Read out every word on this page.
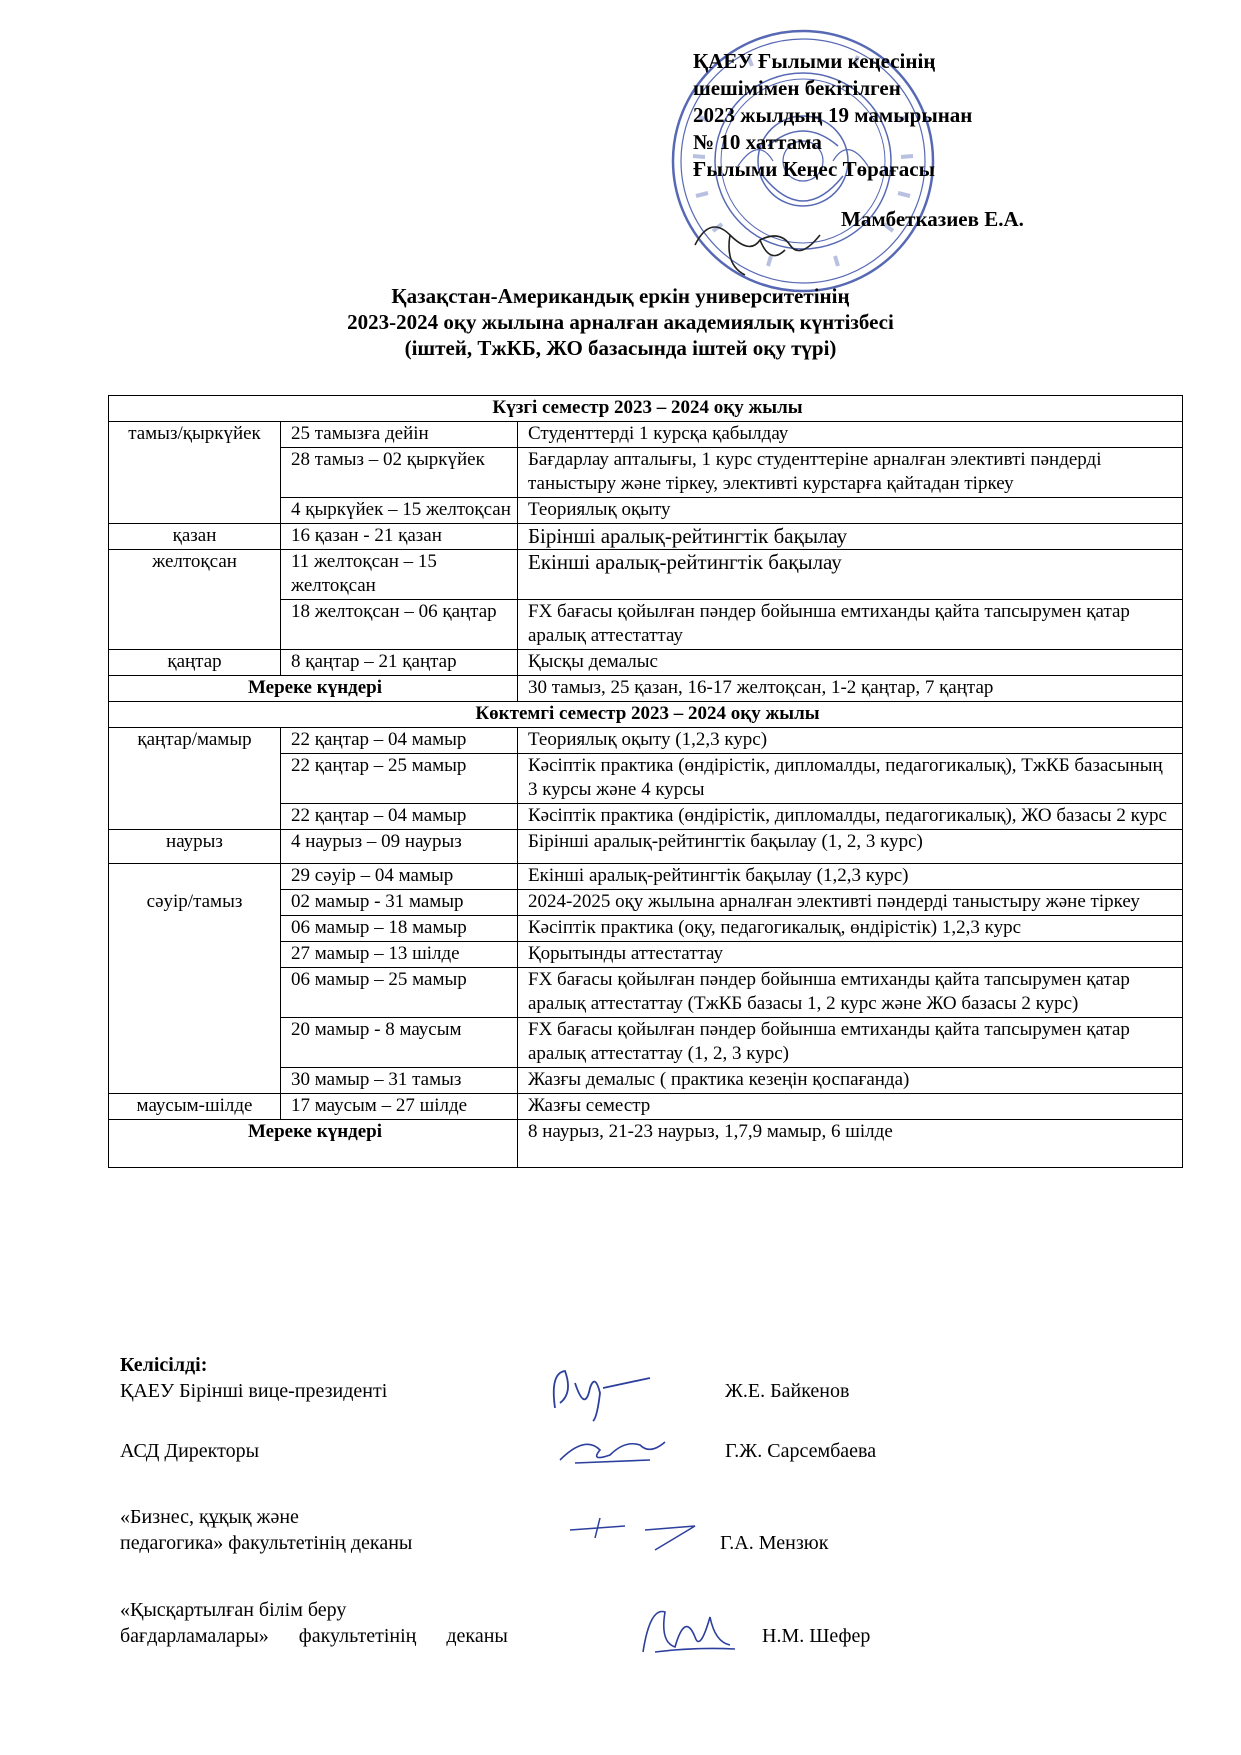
ҚАЕУ Ғылыми кеңесінің
шешімімен бекітілген
2023 жылдың 19 мамырынан
№ 10 хаттама
Ғылыми Кеңес Төрағасы
Мамбетказиев Е.А.
Қазақстан-Американдық еркін университетінің
2023-2024 оқу жылына арналған академиялық күнтізбесі
(іштей, ТжКБ, ЖО базасында іштей оқу түрі)
Күзгі семестр 2023 – 2024 оқу жылы		
тамыз/қыркүйек	25 тамызға дейін	Студенттерді 1 курсқа қабылдау
	28 тамыз – 02 қыркүйек	Бағдарлау апталығы, 1 курс студенттеріне арналған элективті пәндерді таныстыру және тіркеу, элективті курстарға қайтадан тіркеу
	4 қыркүйек – 15 желтоқсан	Теориялық оқыту
қазан	16 қазан - 21 қазан	Бірінші аралық-рейтингтік бақылау
желтоқсан	11 желтоқсан – 15 желтоқсан	Екінші аралық-рейтингтік бақылау
	18 желтоқсан – 06 қаңтар	FX бағасы қойылған пәндер бойынша емтиханды қайта тапсырумен қатар аралық аттестаттау
қаңтар	8 қаңтар – 21 қаңтар	Қысқы демалыс
Мереке күндері		30 тамыз, 25 қазан, 16-17 желтоқсан, 1-2 қаңтар, 7 қаңтар
Көктемгі семестр 2023 – 2024 оқу жылы		
қаңтар/мамыр	22 қаңтар – 04 мамыр	Теориялық оқыту (1,2,3 курс)
	22 қаңтар – 25 мамыр	Кәсіптік практика (өндірістік, дипломалды, педагогикалық), ТжКБ базасының 3 курсы және 4 курсы
	22 қаңтар – 04 мамыр	Кәсіптік практика (өндірістік, дипломалды, педагогикалық), ЖО базасы 2 курс
наурыз	4 наурыз – 09 наурыз	Бірінші аралық-рейтингтік бақылау (1, 2, 3 курс)
сәуір/тамыз	29 сәуір – 04 мамыр	Екінші аралық-рейтингтік бақылау (1,2,3 курс)
	02 мамыр - 31 мамыр	2024-2025 оқу жылына арналған элективті пәндерді таныстыру және тіркеу
	06 мамыр – 18 мамыр	Кәсіптік практика (оқу, педагогикалық, өндірістік) 1,2,3 курс
	27 мамыр – 13 шілде	Қорытынды аттестаттау
	06 мамыр – 25 мамыр	FX бағасы қойылған пәндер бойынша емтиханды қайта тапсырумен қатар аралық аттестаттау (ТжКБ базасы 1, 2 курс және ЖО базасы 2 курс)
	20 мамыр - 8 маусым	FX бағасы қойылған пәндер бойынша емтиханды қайта тапсырумен қатар аралық аттестаттау (1, 2, 3 курс)
	30 мамыр – 31 тамыз	Жазғы демалыс ( практика кезеңін қоспағанда)
маусым-шілде	17 маусым – 27 шілде	Жазғы семестр
Мереке күндері		8 наурыз, 21-23 наурыз, 1,7,9 мамыр, 6 шілде
Келісілді:
ҚАЕУ Бірінші вице-президенті	Ж.Е. Байкенов
АСД Директоры	Г.Ж. Сарсембаева
«Бизнес, құқық және
педагогика» факультетінің деканы	Г.А. Мензюк
«Қысқартылған білім беру
бағдарламалары»      факультетінің      деканы	Н.М. Шефер
